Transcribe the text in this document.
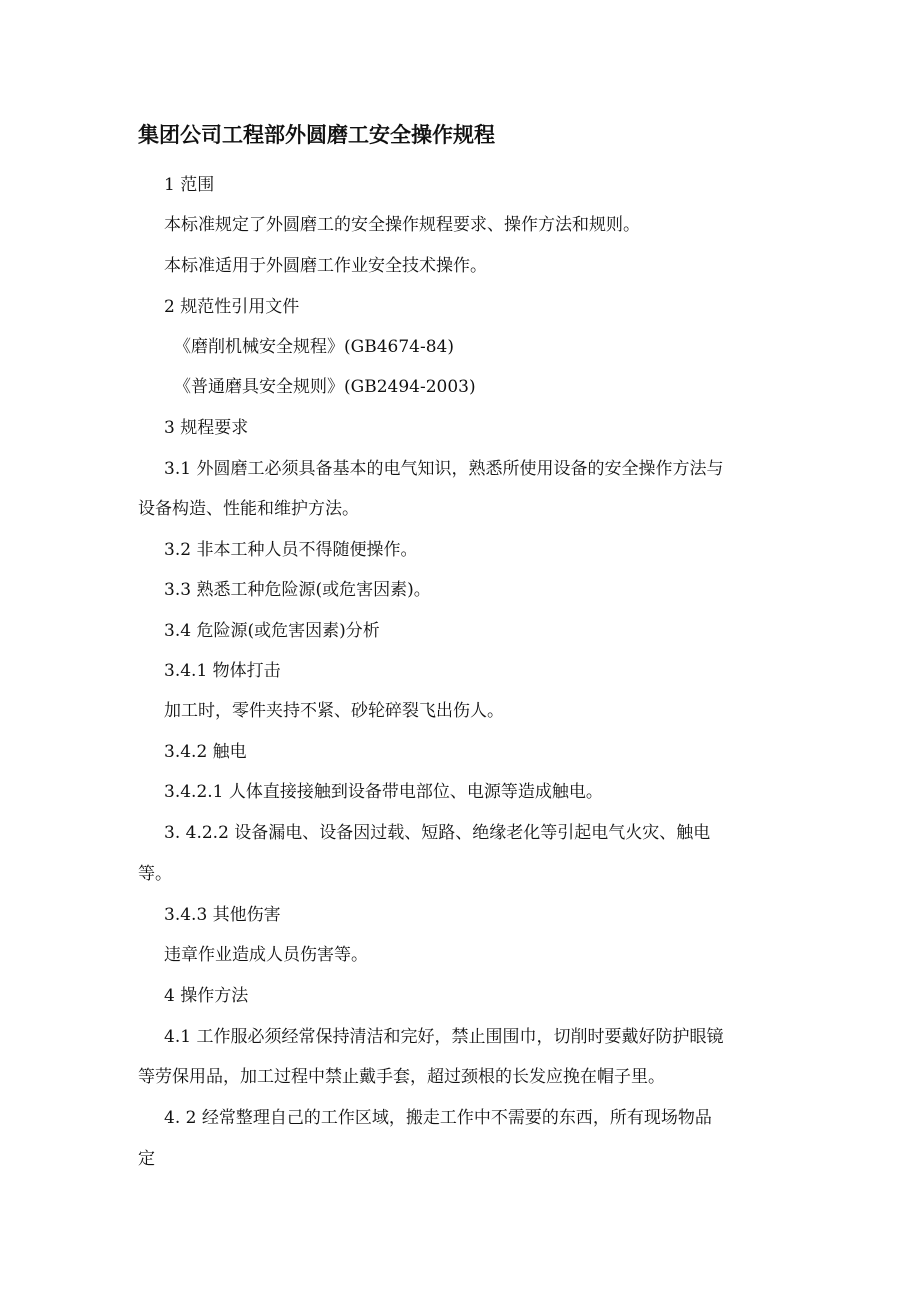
集团公司工程部外圆磨工安全操作规程
1 范围
本标准规定了外圆磨工的安全操作规程要求、操作方法和规则。
本标准适用于外圆磨工作业安全技术操作。
2 规范性引用文件
《磨削机械安全规程》(GB4674-84)
《普通磨具安全规则》(GB2494-2003)
3 规程要求
3.1 外圆磨工必须具备基本的电气知识，熟悉所使用设备的安全操作方法与
设备构造、性能和维护方法。
3.2 非本工种人员不得随便操作。
3.3 熟悉工种危险源(或危害因素)。
3.4 危险源(或危害因素)分析
3.4.1 物体打击
加工时，零件夹持不紧、砂轮碎裂飞出伤人。
3.4.2 触电
3.4.2.1 人体直接接触到设备带电部位、电源等造成触电。
3. 4.2.2 设备漏电、设备因过载、短路、绝缘老化等引起电气火灾、触电
等。
3.4.3 其他伤害
违章作业造成人员伤害等。
4 操作方法
4.1 工作服必须经常保持清洁和完好，禁止围围巾，切削时要戴好防护眼镜
等劳保用品，加工过程中禁止戴手套，超过颈根的长发应挽在帽子里。
4. 2 经常整理自己的工作区域，搬走工作中不需要的东西，所有现场物品
定
